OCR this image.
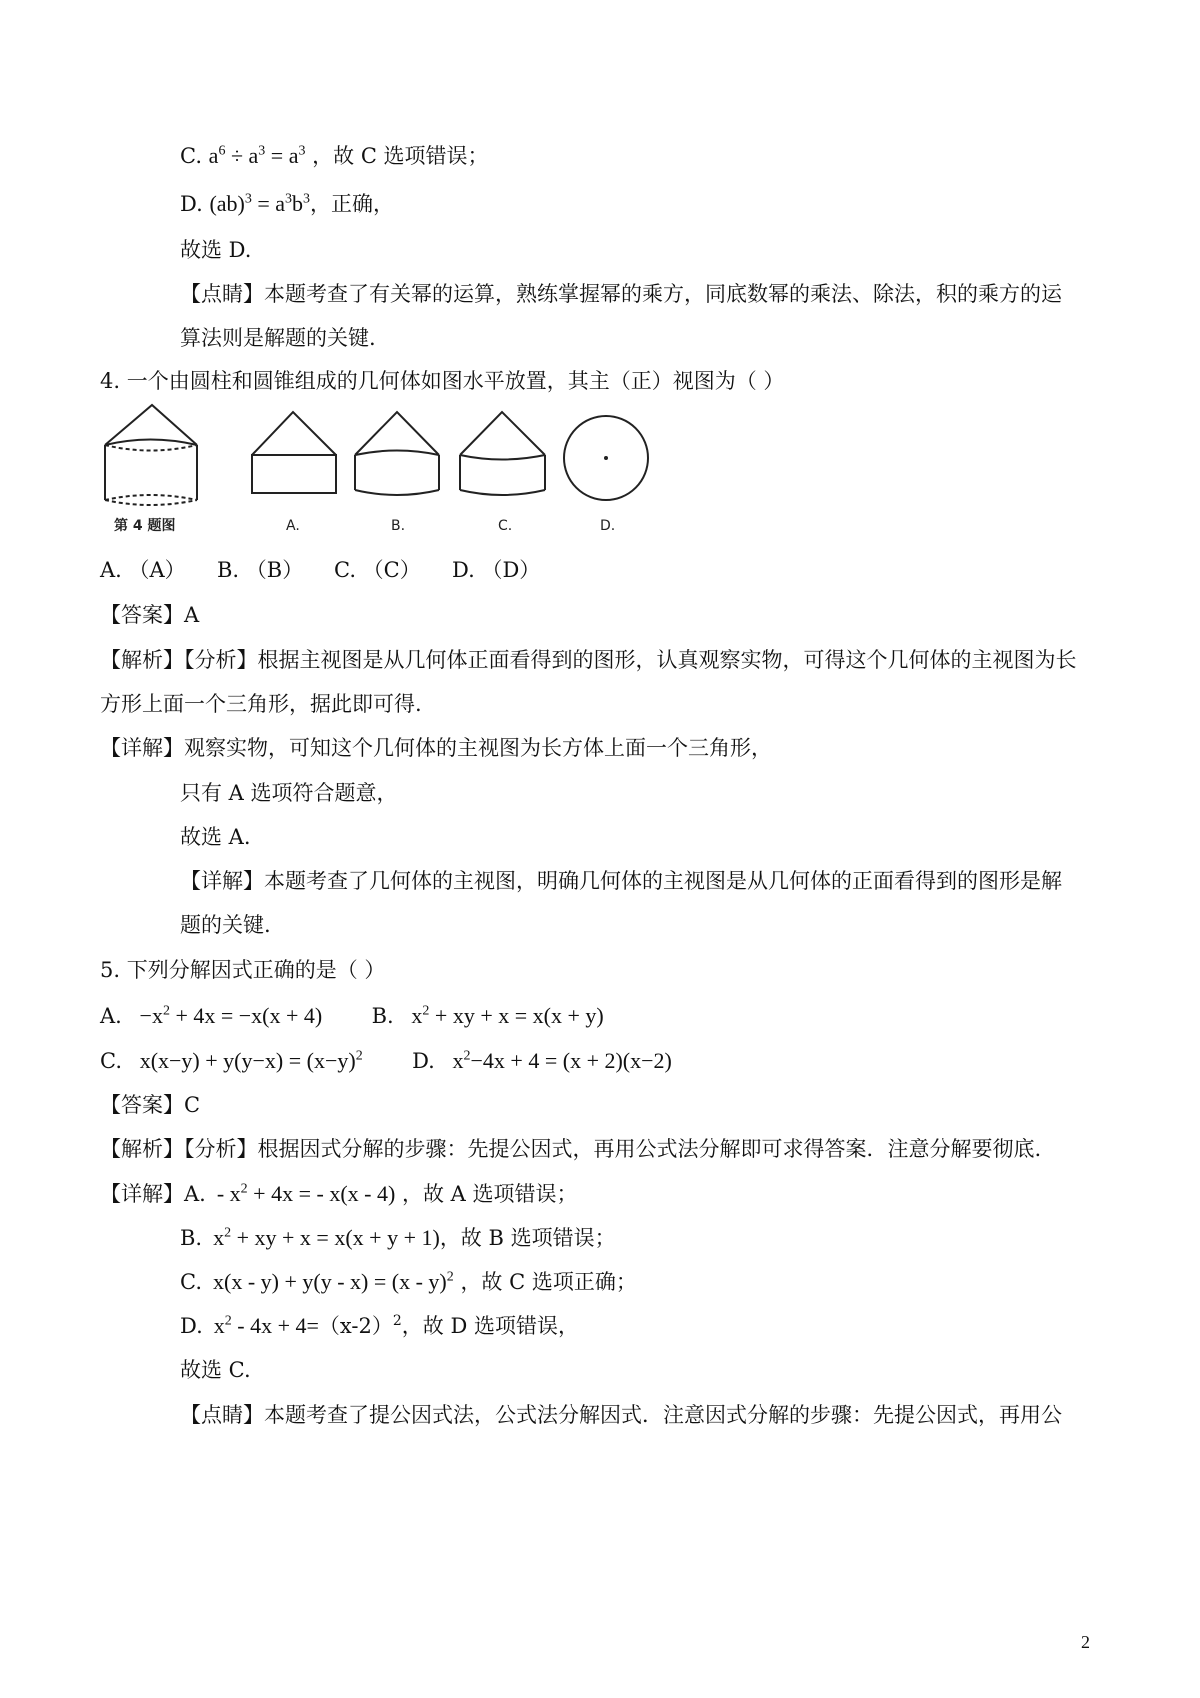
C. $a^6 \div a^3 = a^3$ ，故 C 选项错误；
D. $(ab)^3 = a^3b^3$，正确，
故选 D.
【点睛】本题考查了有关幂的运算，熟练掌握幂的乘方，同底数幂的乘法、除法，积的乘方的运
算法则是解题的关键.
4. 一个由圆柱和圆锥组成的几何体如图水平放置，其主（正）视图为（ ）
第 4 题图	A.	B.	C.	D.
A. （A） B. （B） C. （C） D. （D）
【答案】A
【解析】【分析】根据主视图是从几何体正面看得到的图形，认真观察实物，可得这个几何体的主视图为长
方形上面一个三角形，据此即可得.
【详解】观察实物，可知这个几何体的主视图为长方体上面一个三角形，
只有 A 选项符合题意，
故选 A.
【详解】本题考查了几何体的主视图，明确几何体的主视图是从几何体的正面看得到的图形是解
题的关键.
5. 下列分解因式正确的是（ ）
A.   $-x^2 + 4x = -x(x + 4)$ B.   $x^2$ + xy + x = x(x + y)
C.   $x(x-y) + y(y-x) = (x-y)^2$ D.   $x^2-4x + 4 = (x + 2)(x-2)$
【答案】C
【解析】【分析】根据因式分解的步骤：先提公因式，再用公式法分解即可求得答案．注意分解要彻底.
【详解】A.  - $x^2 + 4x$ = - x(x - 4) ，故 A 选项错误；
B.  $x^2$ + xy + x = x(x + y + 1)，故 B 选项错误；
C.  x(x - y) + y(y - x) = (x - y)$^2$ ，故 C 选项正确；
D.  $x^2 - 4x + 4=(x-2)^2$，故 D 选项错误，
故选 C.
【点睛】本题考查了提公因式法，公式法分解因式．注意因式分解的步骤：先提公因式，再用公
2
